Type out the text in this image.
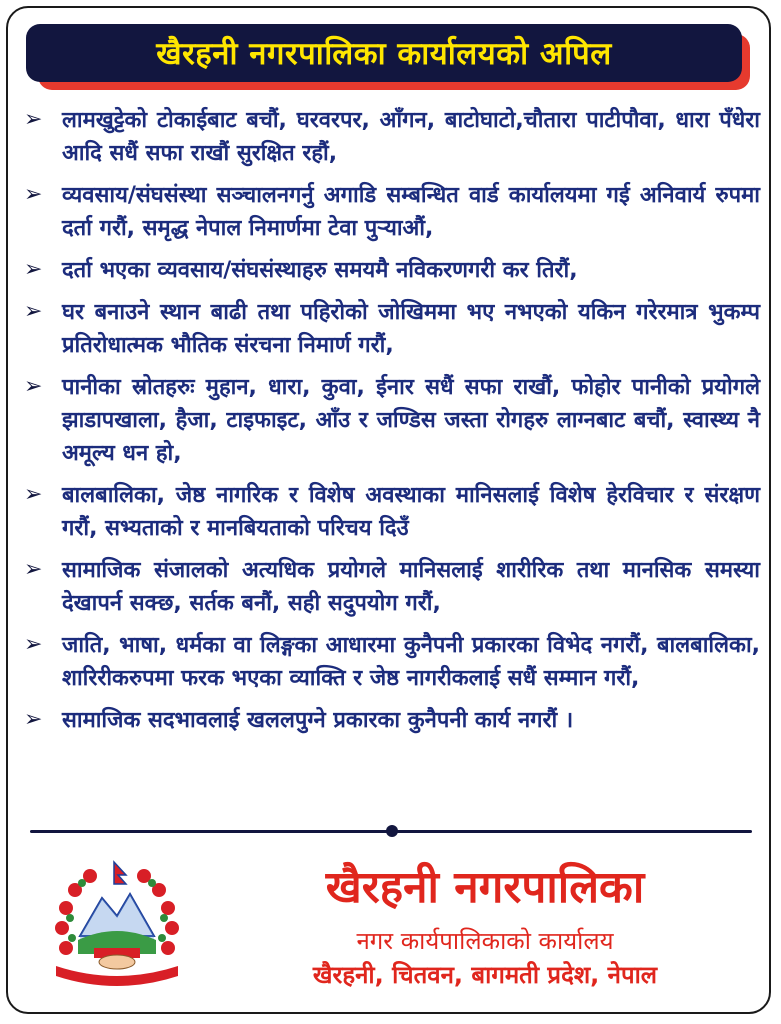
खैरहनी नगरपालिका कार्यालयको अपिल
➢ लामखुट्टेको टोकाईबाट बचौं, घरवरपर, आँगन, बाटोघाटो,चौतारा पाटीपौवा, धारा पँधेरा आदि सधैं सफा राखौं सुरक्षित रहौं,
➢ व्यवसाय/संघसंस्था सञ्चालनगर्नु अगाडि सम्बन्धित वार्ड कार्यालयमा गई अनिवार्य रुपमा दर्ता गरौं, समृद्ध नेपाल निमार्णमा टेवा पुर्‍याऔं,
➢ दर्ता भएका व्यवसाय/संघसंस्थाहरु समयमै नविकरणगरी कर तिरौं,
➢ घर बनाउने स्थान बाढी तथा पहिरोको जोखिममा भए नभएको यकिन गरेरमात्र भुकम्प प्रतिरोधात्मक भौतिक संरचना निमार्ण गरौं,
➢ पानीका स्रोतहरुः मुहान, धारा, कुवा, ईनार सधैं सफा राखौं, फोहोर पानीको प्रयोगले झाडापखाला, हैजा, टाइफाइट, आँउ र जण्डिस जस्ता रोगहरु लाग्नबाट बचौं, स्वास्थ्य नै अमूल्य धन हो,
➢ बालबालिका, जेष्ठ नागरिक र विशेष अवस्थाका मानिसलाई विशेष हेरविचार र संरक्षण गरौं, सभ्यताको र मानबियताको परिचय दिउँ
➢ सामाजिक संजालको अत्यधिक प्रयोगले मानिसलाई शारीरिक तथा मानसिक समस्या देखापर्न सक्छ, सर्तक बनौं, सही सदुपयोग गरौं,
➢ जाति, भाषा, धर्मका वा लिङ्गका आधारमा कुनैपनी प्रकारका विभेद नगरौं, बालबालिका, शारिरीकरुपमा फरक भएका व्याक्ति र जेष्ठ नागरीकलाई सधैं सम्मान गरौं,
➢ सामाजिक सदभावलाई खललपुग्ने प्रकारका कुनैपनी कार्य नगरौं ।
खैरहनी नगरपालिका
नगर कार्यपालिकाको कार्यालय
खैरहनी, चितवन, बागमती प्रदेश, नेपाल
